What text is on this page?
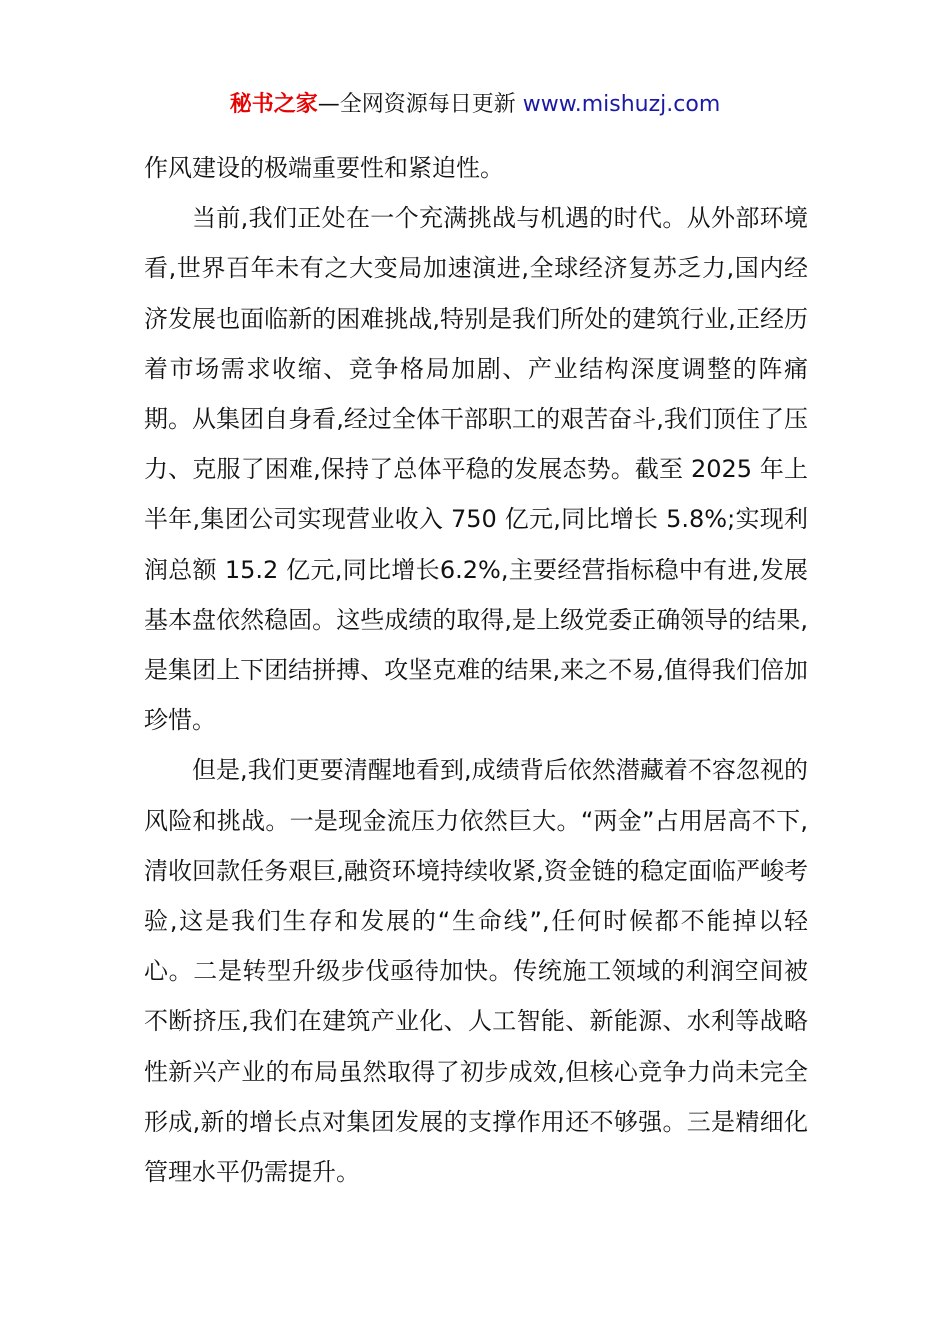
秘书之家—全网资源每日更新 www.mishuzj.com

作风建设的极端重要性和紧迫性。

当前,我们正处在一个充满挑战与机遇的时代。从外部环境看,世界百年未有之大变局加速演进,全球经济复苏乏力,国内经济发展也面临新的困难挑战,特别是我们所处的建筑行业,正经历着市场需求收缩、竞争格局加剧、产业结构深度调整的阵痛期。从集团自身看,经过全体干部职工的艰苦奋斗,我们顶住了压力、克服了困难,保持了总体平稳的发展态势。截至 2025 年上半年,集团公司实现营业收入 750 亿元,同比增长 5.8%;实现利润总额 15.2 亿元,同比增长6.2%,主要经营指标稳中有进,发展基本盘依然稳固。这些成绩的取得,是上级党委正确领导的结果,是集团上下团结拼搏、攻坚克难的结果,来之不易,值得我们倍加珍惜。

但是,我们更要清醒地看到,成绩背后依然潜藏着不容忽视的风险和挑战。一是现金流压力依然巨大。“两金”占用居高不下,清收回款任务艰巨,融资环境持续收紧,资金链的稳定面临严峻考验,这是我们生存和发展的“生命线”,任何时候都不能掉以轻心。二是转型升级步伐亟待加快。传统施工领域的利润空间被不断挤压,我们在建筑产业化、人工智能、新能源、水利等战略性新兴产业的布局虽然取得了初步成效,但核心竞争力尚未完全形成,新的增长点对集团发展的支撑作用还不够强。三是精细化管理水平仍需提升。
